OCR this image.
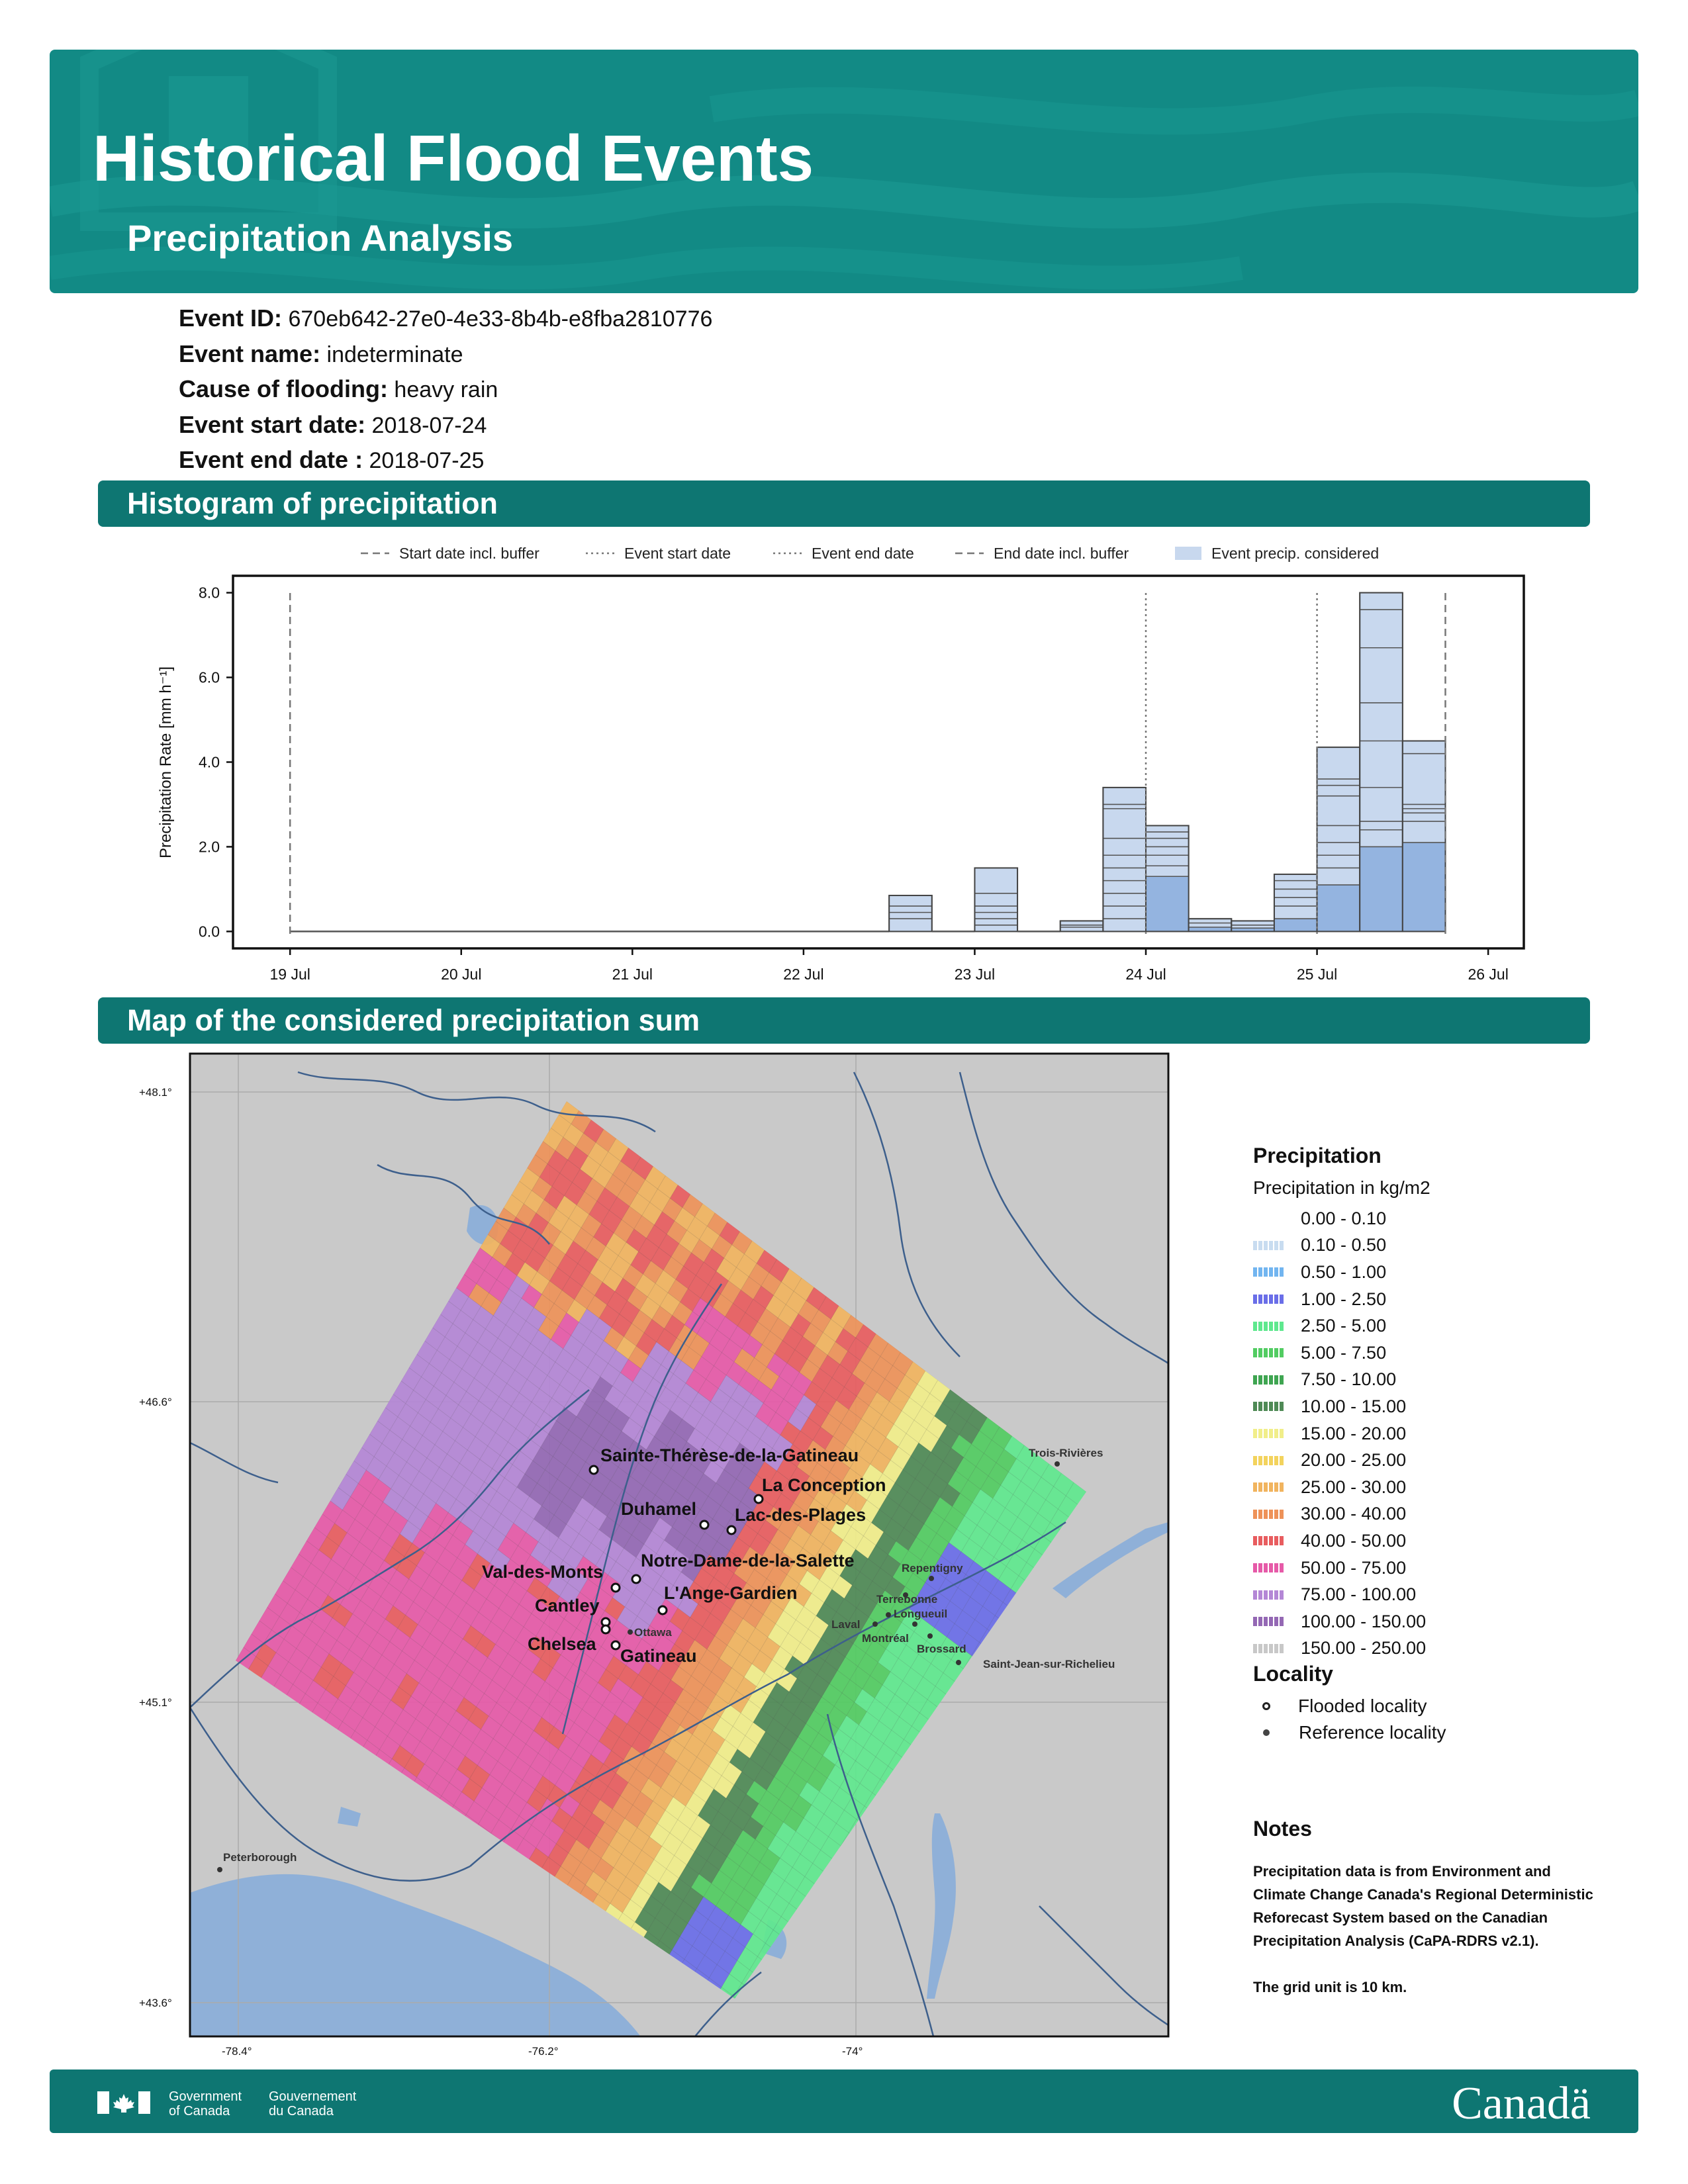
Historical Flood Events
Precipitation Analysis
Event ID: 670eb642-27e0-4e33-8b4b-e8fba2810776
Event name: indeterminate
Cause of flooding: heavy rain
Event start date: 2018-07-24
Event end date : 2018-07-25
Histogram of precipitation
Start date incl. buffer	Event start date	Event end date	End date incl. buffer	Event precip. considered
0.0
2.0
4.0
6.0
8.0
19 Jul	20 Jul	21 Jul	22 Jul	23 Jul	24 Jul	25 Jul	26 Jul
Precipitation Rate [mm h⁻¹]
Map of the considered precipitation sum
+48.1°
+46.6°
+45.1°
+43.6°
-78.4°	-76.2°	-74°
Sainte-Thérèse-de-la-Gatineau
La Conception
Duhamel Lac-des-Plages
Notre-Dame-de-la-Salette
Val-des-Monts
L'Ange-Gardien
Cantley
Chelsea
Gatineau
Trois-Rivières
Repentigny
Terrebonne
Longueuil
Laval
Montréal
Brossard
Saint-Jean-sur-Richelieu
Ottawa
Peterborough
Precipitation
Precipitation in kg/m2
0.00 - 0.10
0.10 - 0.50
0.50 - 1.00
1.00 - 2.50
2.50 - 5.00
5.00 - 7.50
7.50 - 10.00
10.00 - 15.00
15.00 - 20.00
20.00 - 25.00
25.00 - 30.00
30.00 - 40.00
40.00 - 50.00
50.00 - 75.00
75.00 - 100.00
100.00 - 150.00
150.00 - 250.00
Locality
Flooded locality
Reference locality
Notes

Precipitation data is from Environment and Climate Change Canada's Regional Deterministic Reforecast System based on the Canadian Precipitation Analysis (CaPA-RDRS v2.1).

The grid unit is 10 km.

Government
of Canada
Gouvernement
du Canada	Canadä
